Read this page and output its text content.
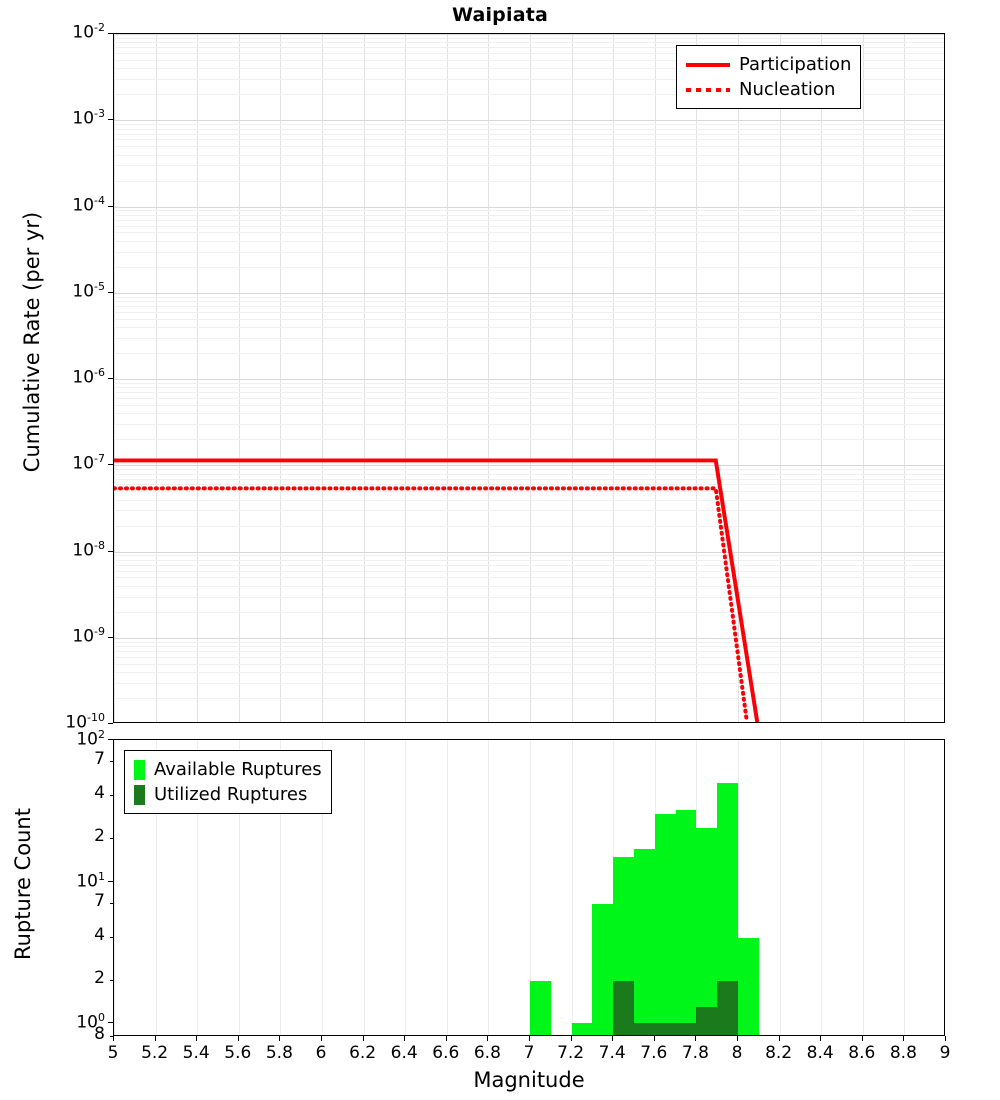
Waipiata
Participation
Nucleation
Cumulative Rate (per yr)
Available Ruptures
Utilized Ruptures
Rupture Count
Magnitude
$10^{-2}$
$10^{-3}$
$10^{-4}$
$10^{-5}$
$10^{-6}$
$10^{-7}$
$10^{-8}$
$10^{-9}$
$10^{-10}$
$10^2$
7
4
2
$10^1$
7
4
2
$10^0$
8
5	5.2 5.4 5.6 5.8	6	6.2 6.4 6.6 6.8	7	7.2 7.4 7.6 7.8	8	8.2 8.4 8.6 8.8	9
